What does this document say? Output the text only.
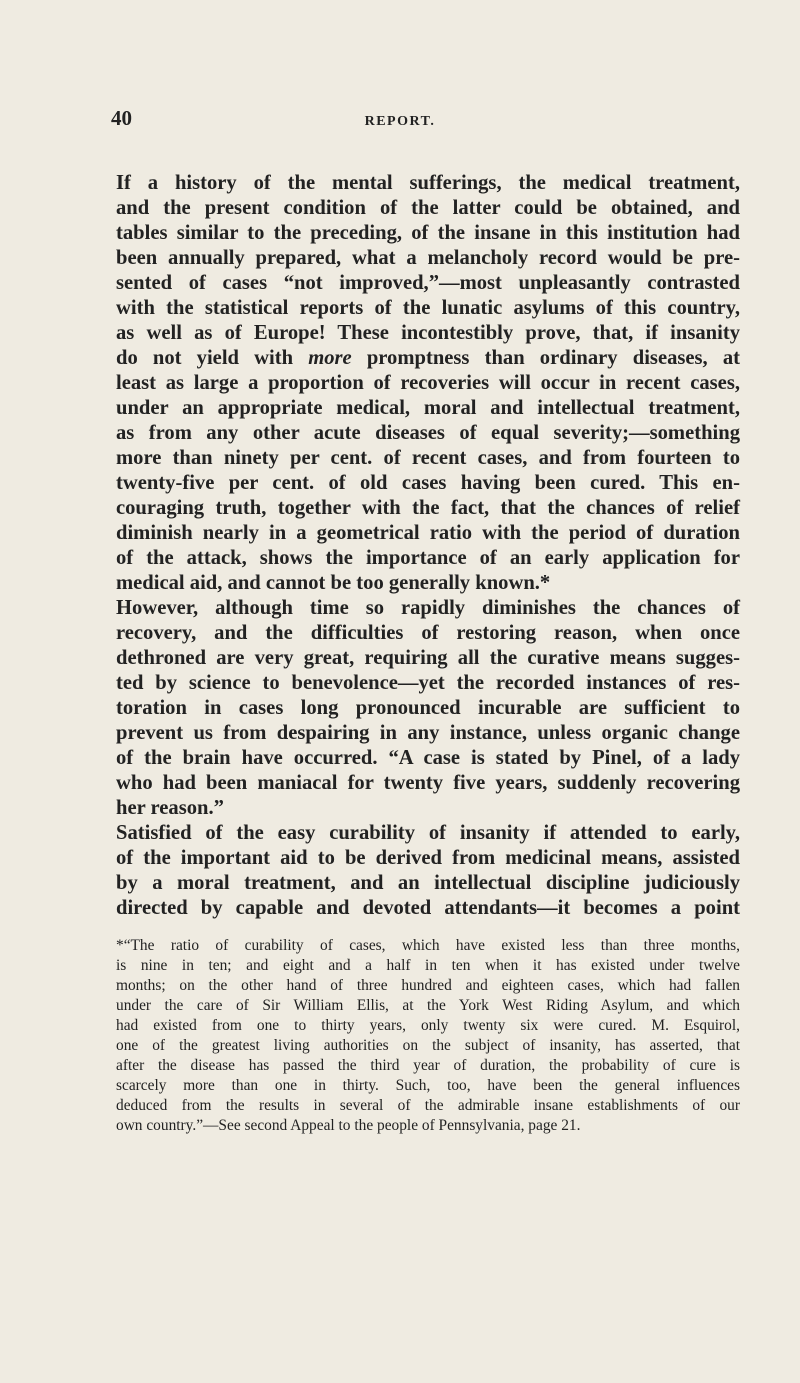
40	REPORT.
If a history of the mental sufferings, the medical treatment,
and the present condition of the latter could be obtained, and
tables similar to the preceding, of the insane in this institution had
been annually prepared, what a melancholy record would be pre-
sented of cases “not improved,”—most unpleasantly contrasted
with the statistical reports of the lunatic asylums of this country,
as well as of Europe! These incontestibly prove, that, if insanity
do not yield with more promptness than ordinary diseases, at
least as large a proportion of recoveries will occur in recent cases,
under an appropriate medical, moral and intellectual treatment,
as from any other acute diseases of equal severity;—something
more than ninety per cent. of recent cases, and from fourteen to
twenty-five per cent. of old cases having been cured. This en-
couraging truth, together with the fact, that the chances of relief
diminish nearly in a geometrical ratio with the period of duration
of the attack, shows the importance of an early application for
medical aid, and cannot be too generally known.*
However, although time so rapidly diminishes the chances of
recovery, and the difficulties of restoring reason, when once
dethroned are very great, requiring all the curative means sugges-
ted by science to benevolence—yet the recorded instances of res-
toration in cases long pronounced incurable are sufficient to
prevent us from despairing in any instance, unless organic change
of the brain have occurred. “A case is stated by Pinel, of a lady
who had been maniacal for twenty five years, suddenly recovering
her reason.”
Satisfied of the easy curability of insanity if attended to early,
of the important aid to be derived from medicinal means, assisted
by a moral treatment, and an intellectual discipline judiciously
directed by capable and devoted attendants—it becomes a point
*“The ratio of curability of cases, which have existed less than three months,
is nine in ten; and eight and a half in ten when it has existed under twelve
months; on the other hand of three hundred and eighteen cases, which had fallen
under the care of Sir William Ellis, at the York West Riding Asylum, and which
had existed from one to thirty years, only twenty six were cured. M. Esquirol,
one of the greatest living authorities on the subject of insanity, has asserted, that
after the disease has passed the third year of duration, the probability of cure is
scarcely more than one in thirty. Such, too, have been the general influences
deduced from the results in several of the admirable insane establishments of our
own country.”—See second Appeal to the people of Pennsylvania, page 21.
